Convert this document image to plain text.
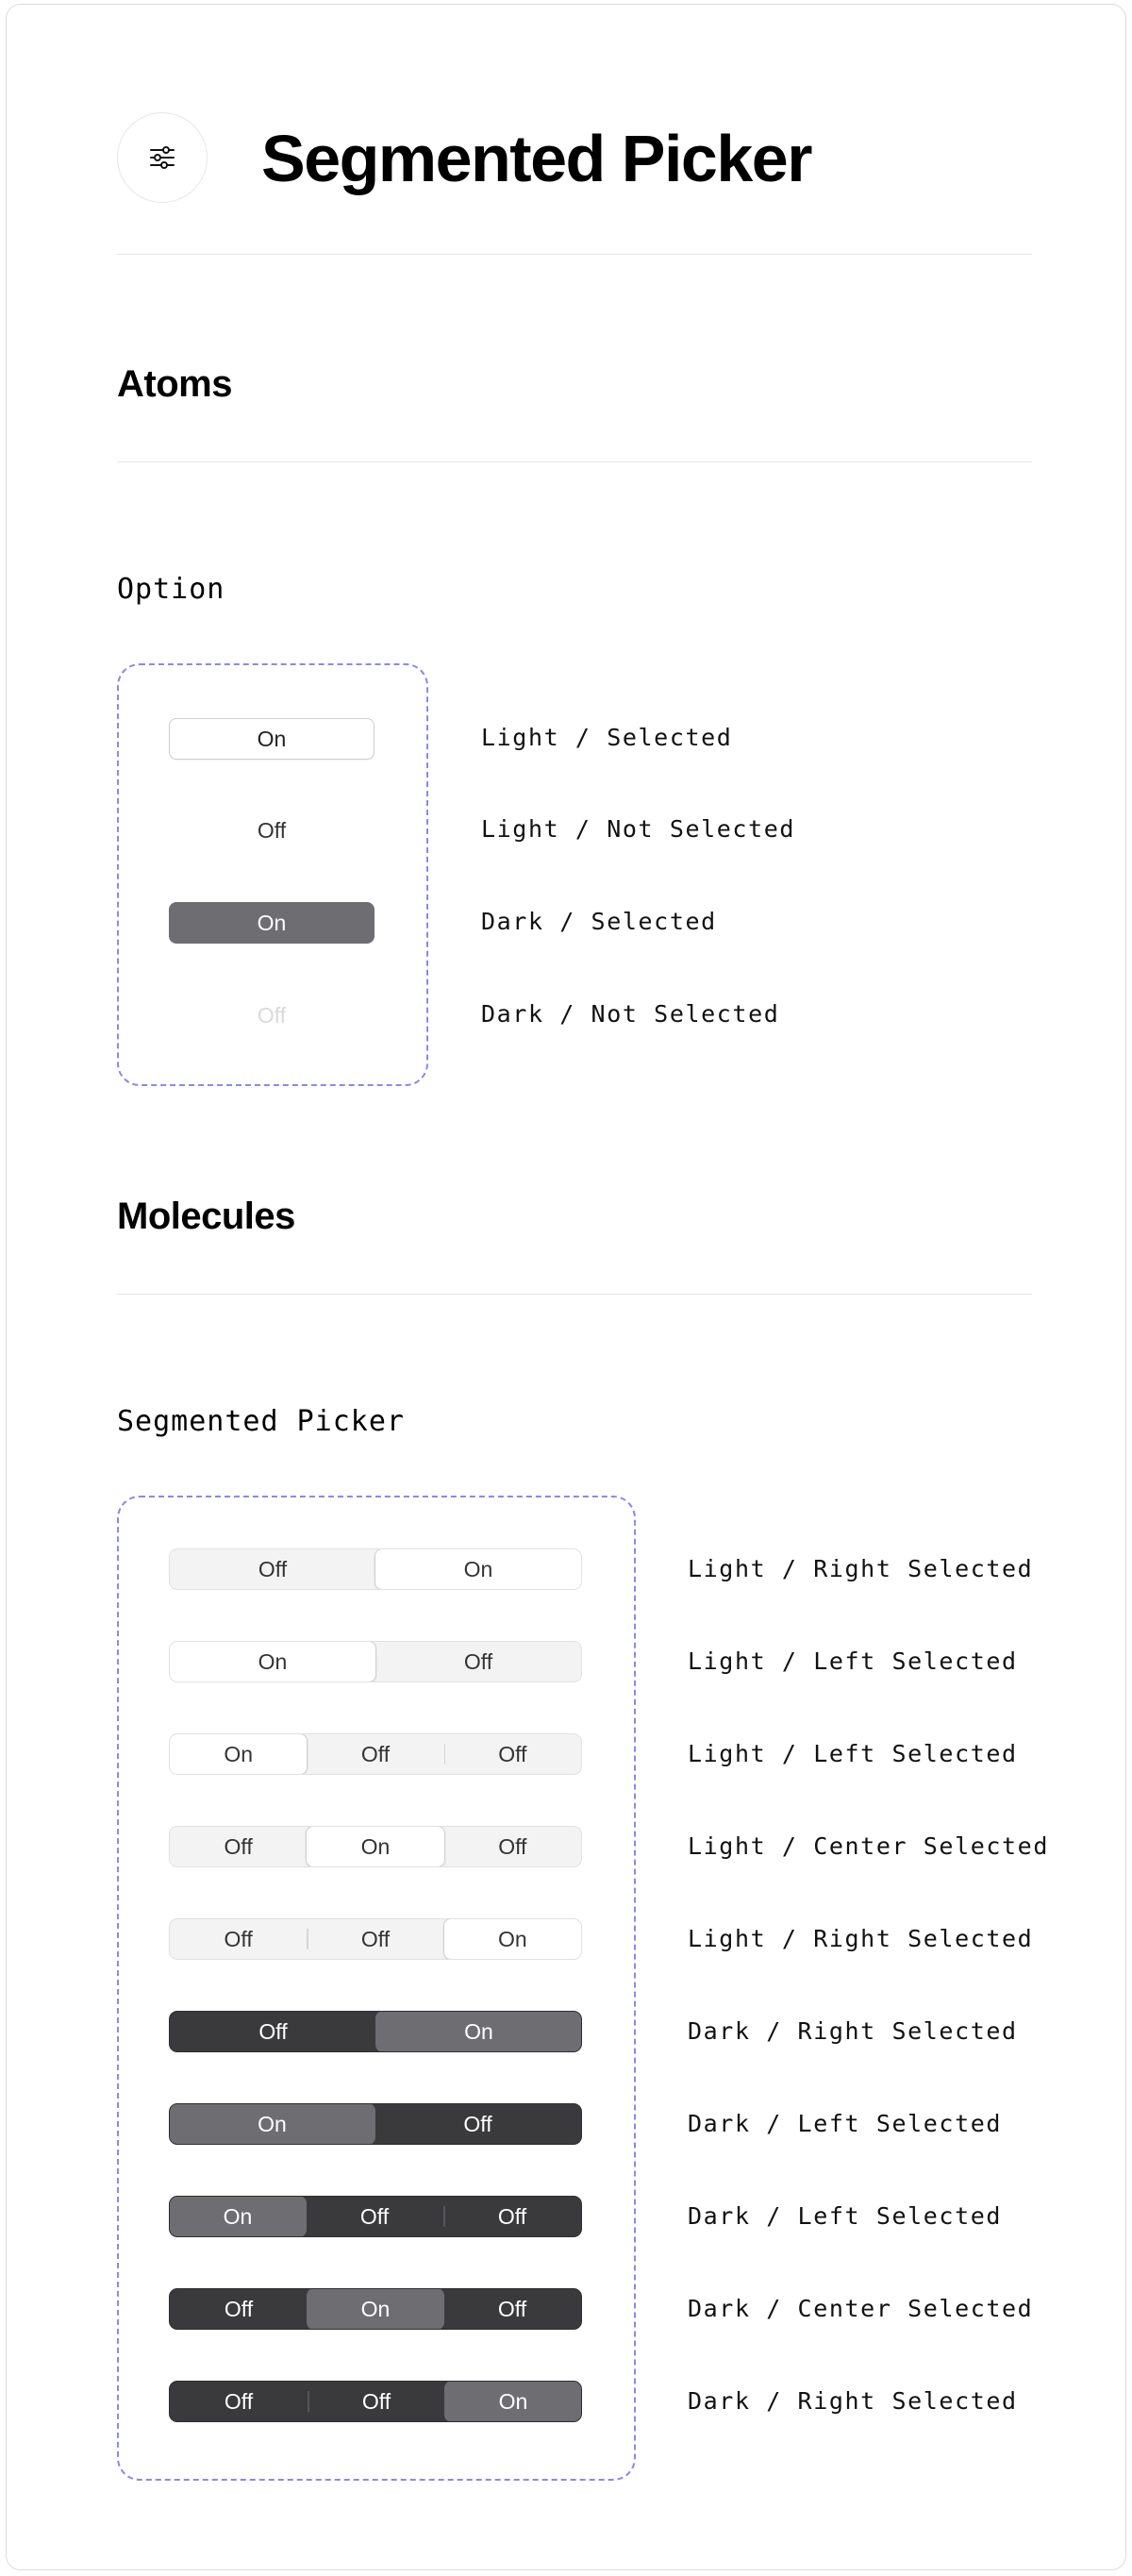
Segmented Picker
Atoms
Option
On	Light / Selected
Off	Light / Not Selected
On	Dark / Selected
Off	Dark / Not Selected
Molecules
Segmented Picker
Off	On	Light / Right Selected
On	Off	Light / Left Selected
On	Off	Off	Light / Left Selected
Off	On	Off	Light / Center Selected
Off	Off	On	Light / Right Selected
Off	On	Dark / Right Selected
On	Off	Dark / Left Selected
On	Off	Off	Dark / Left Selected
Off	On	Off	Dark / Center Selected
Off	Off	On	Dark / Right Selected
